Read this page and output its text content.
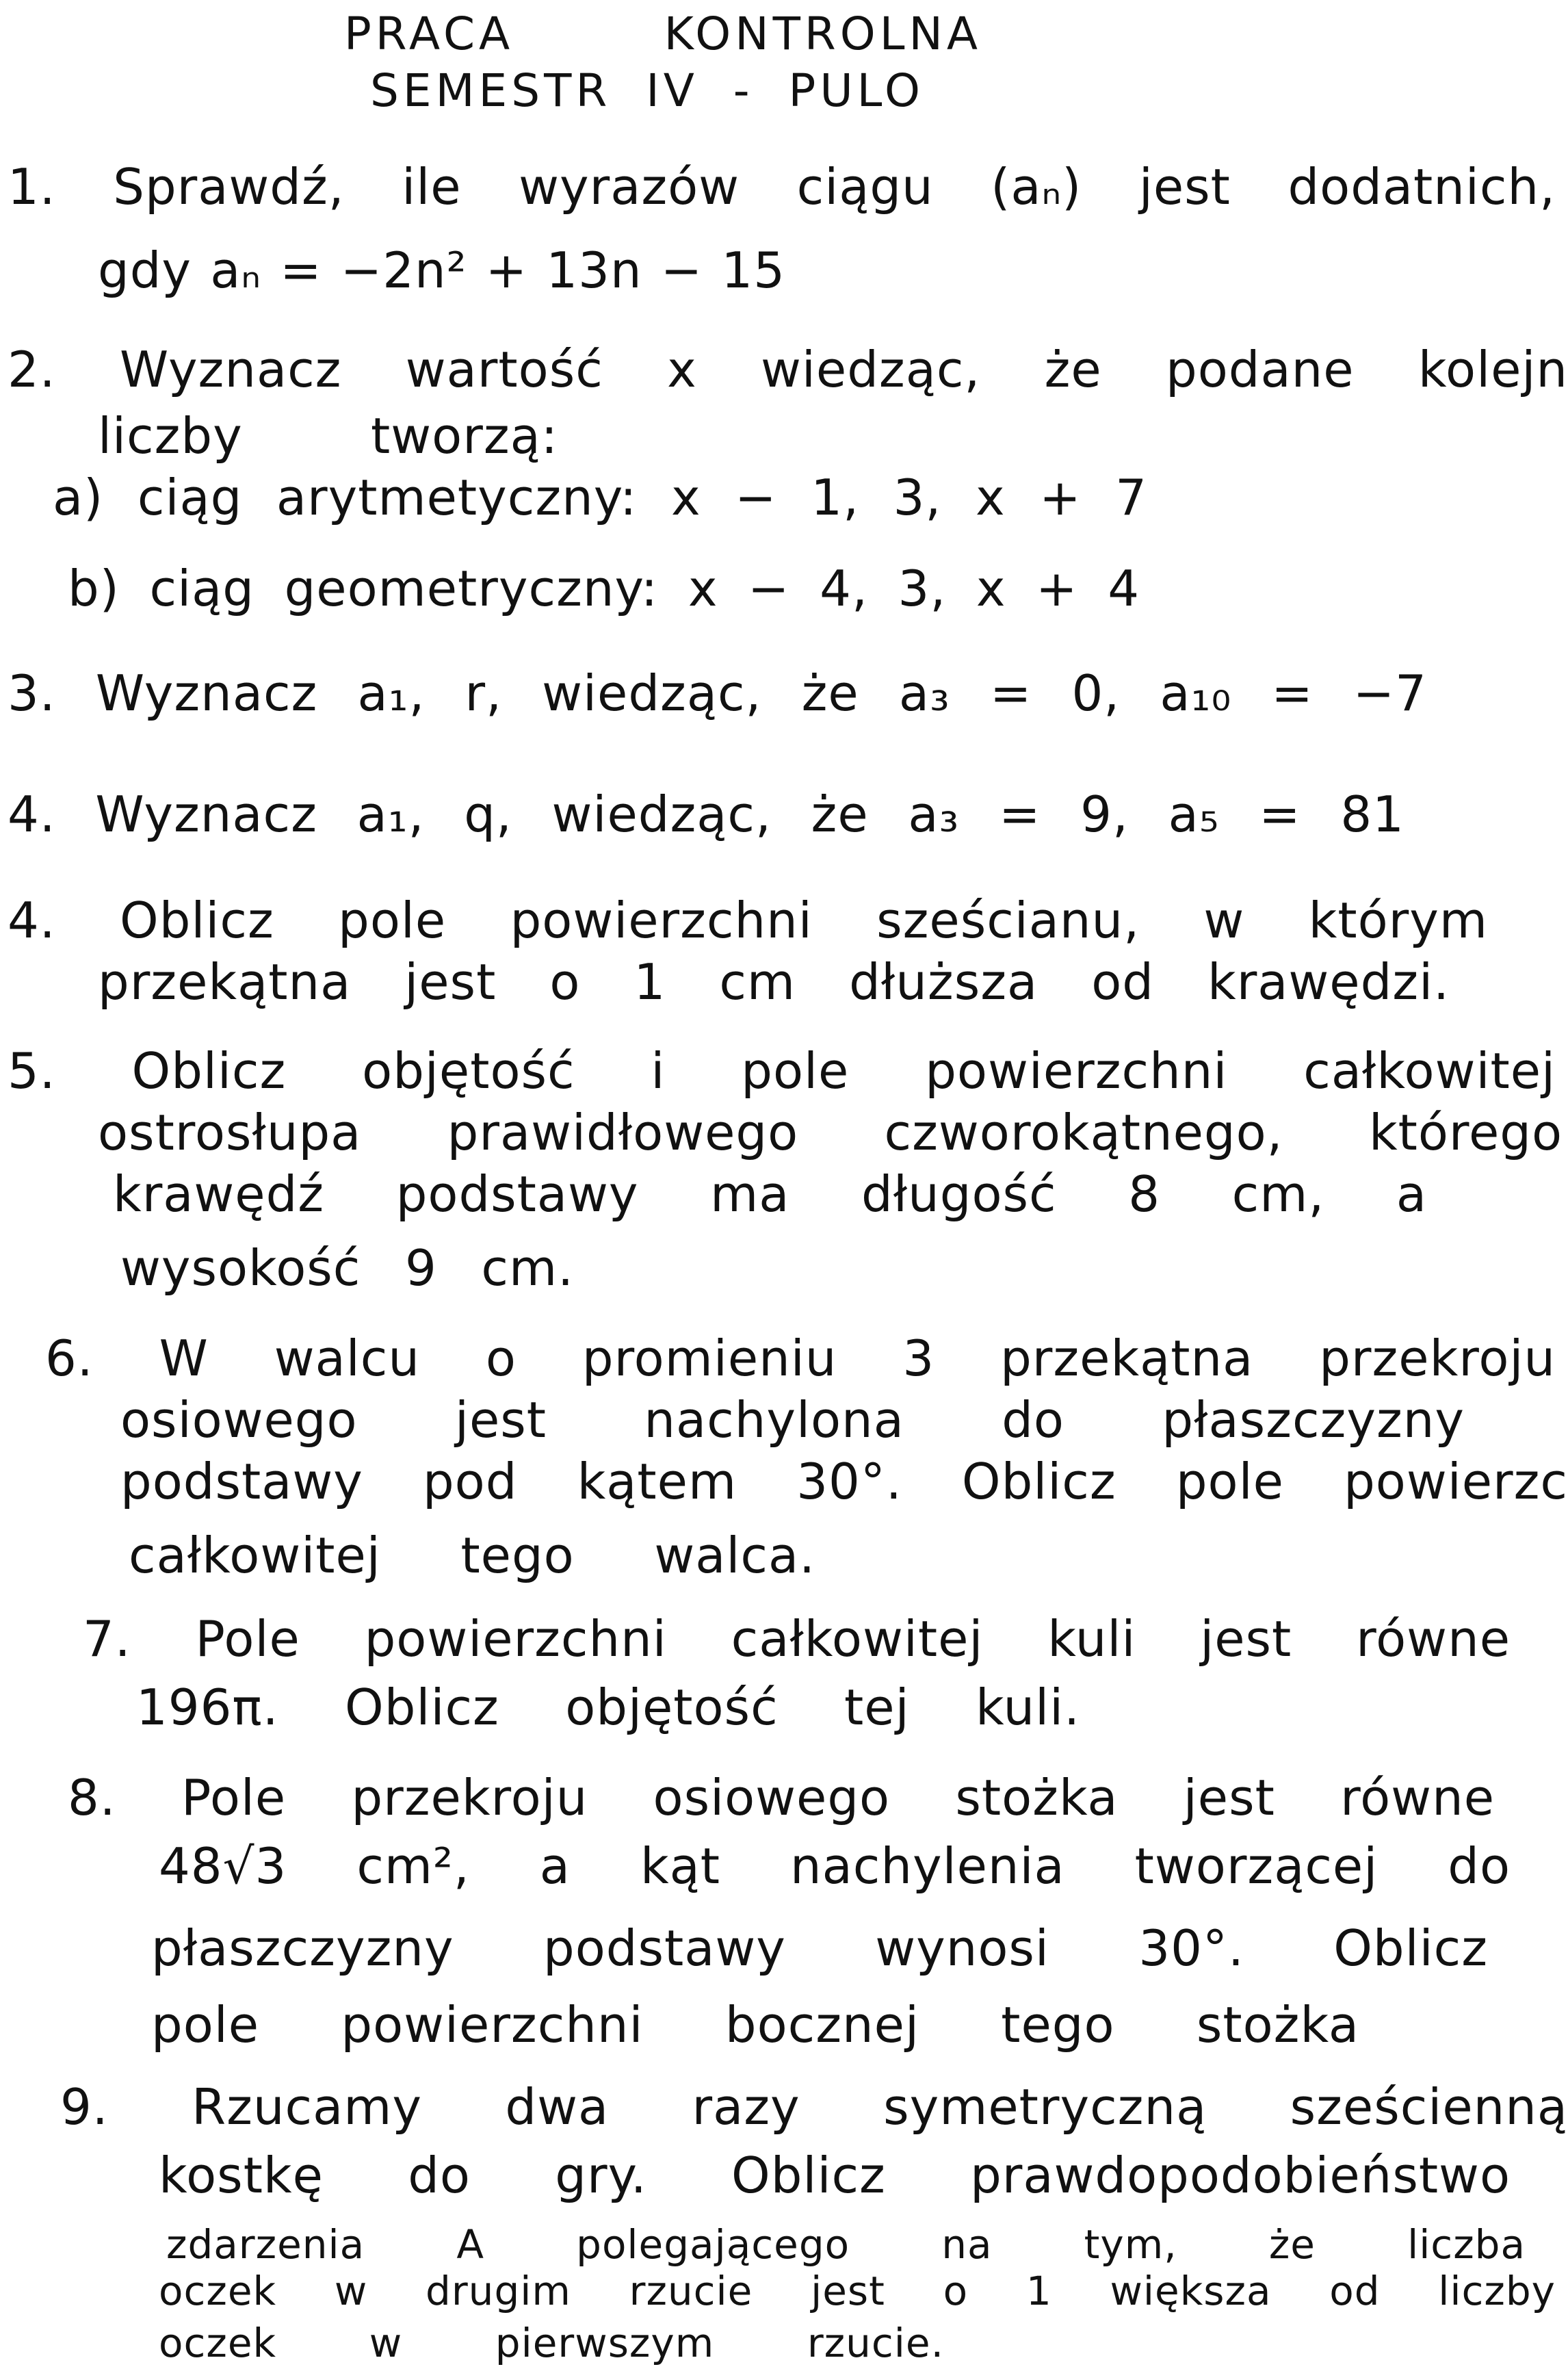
PRACA KONTROLNA
SEMESTR IV - PULO
1. Sprawdź, ile wyrazów ciągu (aₙ) jest dodatnich,
gdy aₙ = −2n² + 13n − 15
2. Wyznacz wartość x wiedząc, że podane kolejn
liczby tworzą:
a) ciąg arytmetyczny: x − 1, 3, x + 7
b) ciąg geometryczny: x − 4, 3, x + 4
3. Wyznacz a₁, r, wiedząc, że a₃ = 0, a₁₀ = −7
4. Wyznacz a₁, q, wiedząc, że a₃ = 9, a₅ = 81
4. Oblicz pole powierzchni sześcianu, w którym
przekątna jest o 1 cm dłuższa od krawędzi.
5. Oblicz objętość i pole powierzchni całkowitej
ostrosłupa prawidłowego czworokątnego, którego
krawędź podstawy ma długość 8 cm, a
wysokość 9 cm.
6. W walcu o promieniu 3 przekątna przekroju
osiowego jest nachylona do płaszczyzny
podstawy pod kątem 30°. Oblicz pole powierzc
całkowitej tego walca.
7. Pole powierzchni całkowitej kuli jest równe
196π. Oblicz objętość tej kuli.
8. Pole przekroju osiowego stożka jest równe
48√3 cm², a kąt nachylenia tworzącej do
płaszczyzny podstawy wynosi 30°. Oblicz
pole powierzchni bocznej tego stożka
9. Rzucamy dwa razy symetryczną sześcienną
kostkę do gry. Oblicz prawdopodobieństwo
zdarzenia A polegającego na tym, że liczba
oczek w drugim rzucie jest o 1 większa od liczby
oczek w pierwszym rzucie.
